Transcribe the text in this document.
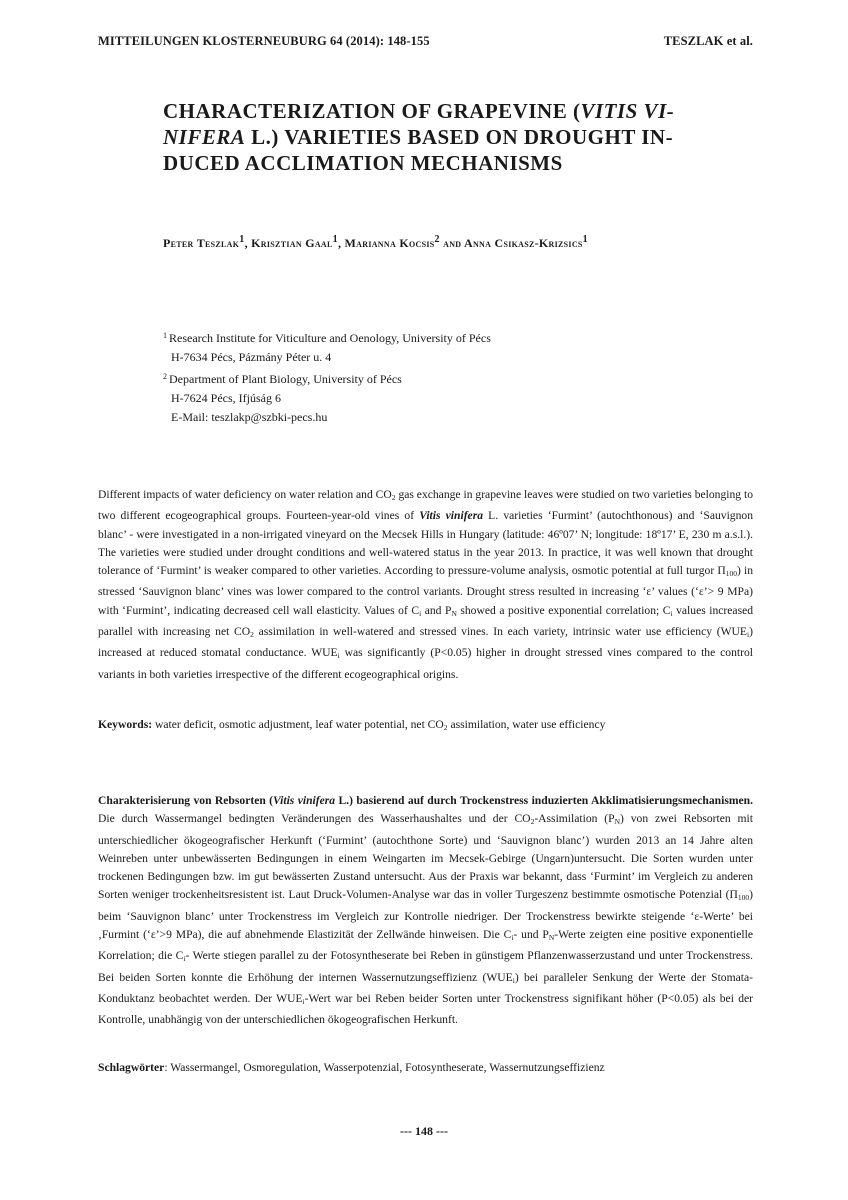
MITTEILUNGEN KLOSTERNEUBURG 64 (2014): 148-155	TESZLAK et al.
CHARACTERIZATION OF GRAPEVINE (VITIS VI-NIFERA L.) VARIETIES BASED ON DROUGHT IN-DUCED ACCLIMATION MECHANISMS
Peter Teszlak$^1$, Krisztian Gaal$^1$, Marianna Kocsis$^2$ and Anna Csikasz-Krizsics$^1$
$^1$ Research Institute for Viticulture and Oenology, University of Pécs
H-7634 Pécs, Pázmány Péter u. 4
$^2$ Department of Plant Biology, University of Pécs
H-7624 Pécs, Ifjúság 6
E-Mail: teszlakp@szbki-pecs.hu

Different impacts of water deficiency on water relation and $CO_2$ gas exchange in grapevine leaves were studied on two varieties belonging to two different ecogeographical groups. Fourteen-year-old vines of Vitis vinifera L. varieties ‘Furmint’ (autochthonous) and ‘Sauvignon blanc’ - were investigated in a non-irrigated vineyard on the Mecsek Hills in Hungary (latitude: 46º07’ N; longitude: 18º17’ E, 230 m a.s.l.). The varieties were studied under drought conditions and well-watered status in the year 2013. In practice, it was well known that drought tolerance of ‘Furmint’ is weaker compared to other varieties. According to pressure-volume analysis, osmotic potential at full turgor $\Pi_{100}$) in stressed ‘Sauvignon blanc’ vines was lower compared to the control variants. Drought stress resulted in increasing ‘ε’ values (‘ε’> 9 MPa) with ‘Furmint’, indicating decreased cell wall elasticity. Values of $C_i$ and $P_N$ showed a positive exponential correlation; $C_i$ values increased parallel with increasing net $CO_2$ assimilation in well-watered and stressed vines. In each variety, intrinsic water use efficiency $(WUE_i)$ increased at reduced stomatal conductance. $WUE_i$ was significantly (P<0.05) higher in drought stressed vines compared to the control variants in both varieties irrespective of the different ecogeographical origins.

Keywords: water deficit, osmotic adjustment, leaf water potential, net $CO_2$ assimilation, water use efficiency

Charakterisierung von Rebsorten (Vitis vinifera L.) basierend auf durch Trockenstress induzierten Akklimatisierungsmechanismen. Die durch Wassermangel bedingten Veränderungen des Wasserhaushaltes und der $CO_2$-Assimilation $(P_N)$ von zwei Rebsorten mit unterschiedlicher ökogeografischer Herkunft (‘Furmint’ (autochthone Sorte) und ‘Sauvignon blanc’) wurden 2013 an 14 Jahre alten Weinreben unter unbewässerten Bedingungen in einem Weingarten im Mecsek-Gebirge (Ungarn)untersucht. Die Sorten wurden unter trockenen Bedingungen bzw. im gut bewässerten Zustand untersucht. Aus der Praxis war bekannt, dass ‘Furmint’ im Vergleich zu anderen Sorten weniger trockenheitsresistent ist. Laut Druck-Volumen-Analyse war das in voller Turgeszenz bestimmte osmotische Potenzial $(\Pi_{100})$ beim ‘Sauvignon blanc’ unter Trockenstress im Vergleich zur Kontrolle niedriger. Der Trockenstress bewirkte steigende ‘ε-Werte’ bei ‚Furmint (‘ε’>9 MPa), die auf abnehmende Elastizität der Zellwände hinweisen. Die $C_i-$ und $P_N$-Werte zeigten eine positive exponentielle Korrelation; die $C_i-$ Werte stiegen parallel zu der Fotosyntheserate bei Reben in günstigem Pflanzenwasserzustand und unter Trockenstress. Bei beiden Sorten konnte die Erhöhung der internen Wassernutzungseffizienz $(WUE_i)$ bei paralleler Senkung der Werte der Stomata-Konduktanz beobachtet werden. Der $WUE_i$-Wert war bei Reben beider Sorten unter Trockenstress signifikant höher (P<0.05) als bei der Kontrolle, unabhängig von der unterschiedlichen ökogeografischen Herkunft.

Schlagwörter: Wassermangel, Osmoregulation, Wasserpotenzial, Fotosyntheserate, Wassernutzungseffizienz

--- 148 ---
